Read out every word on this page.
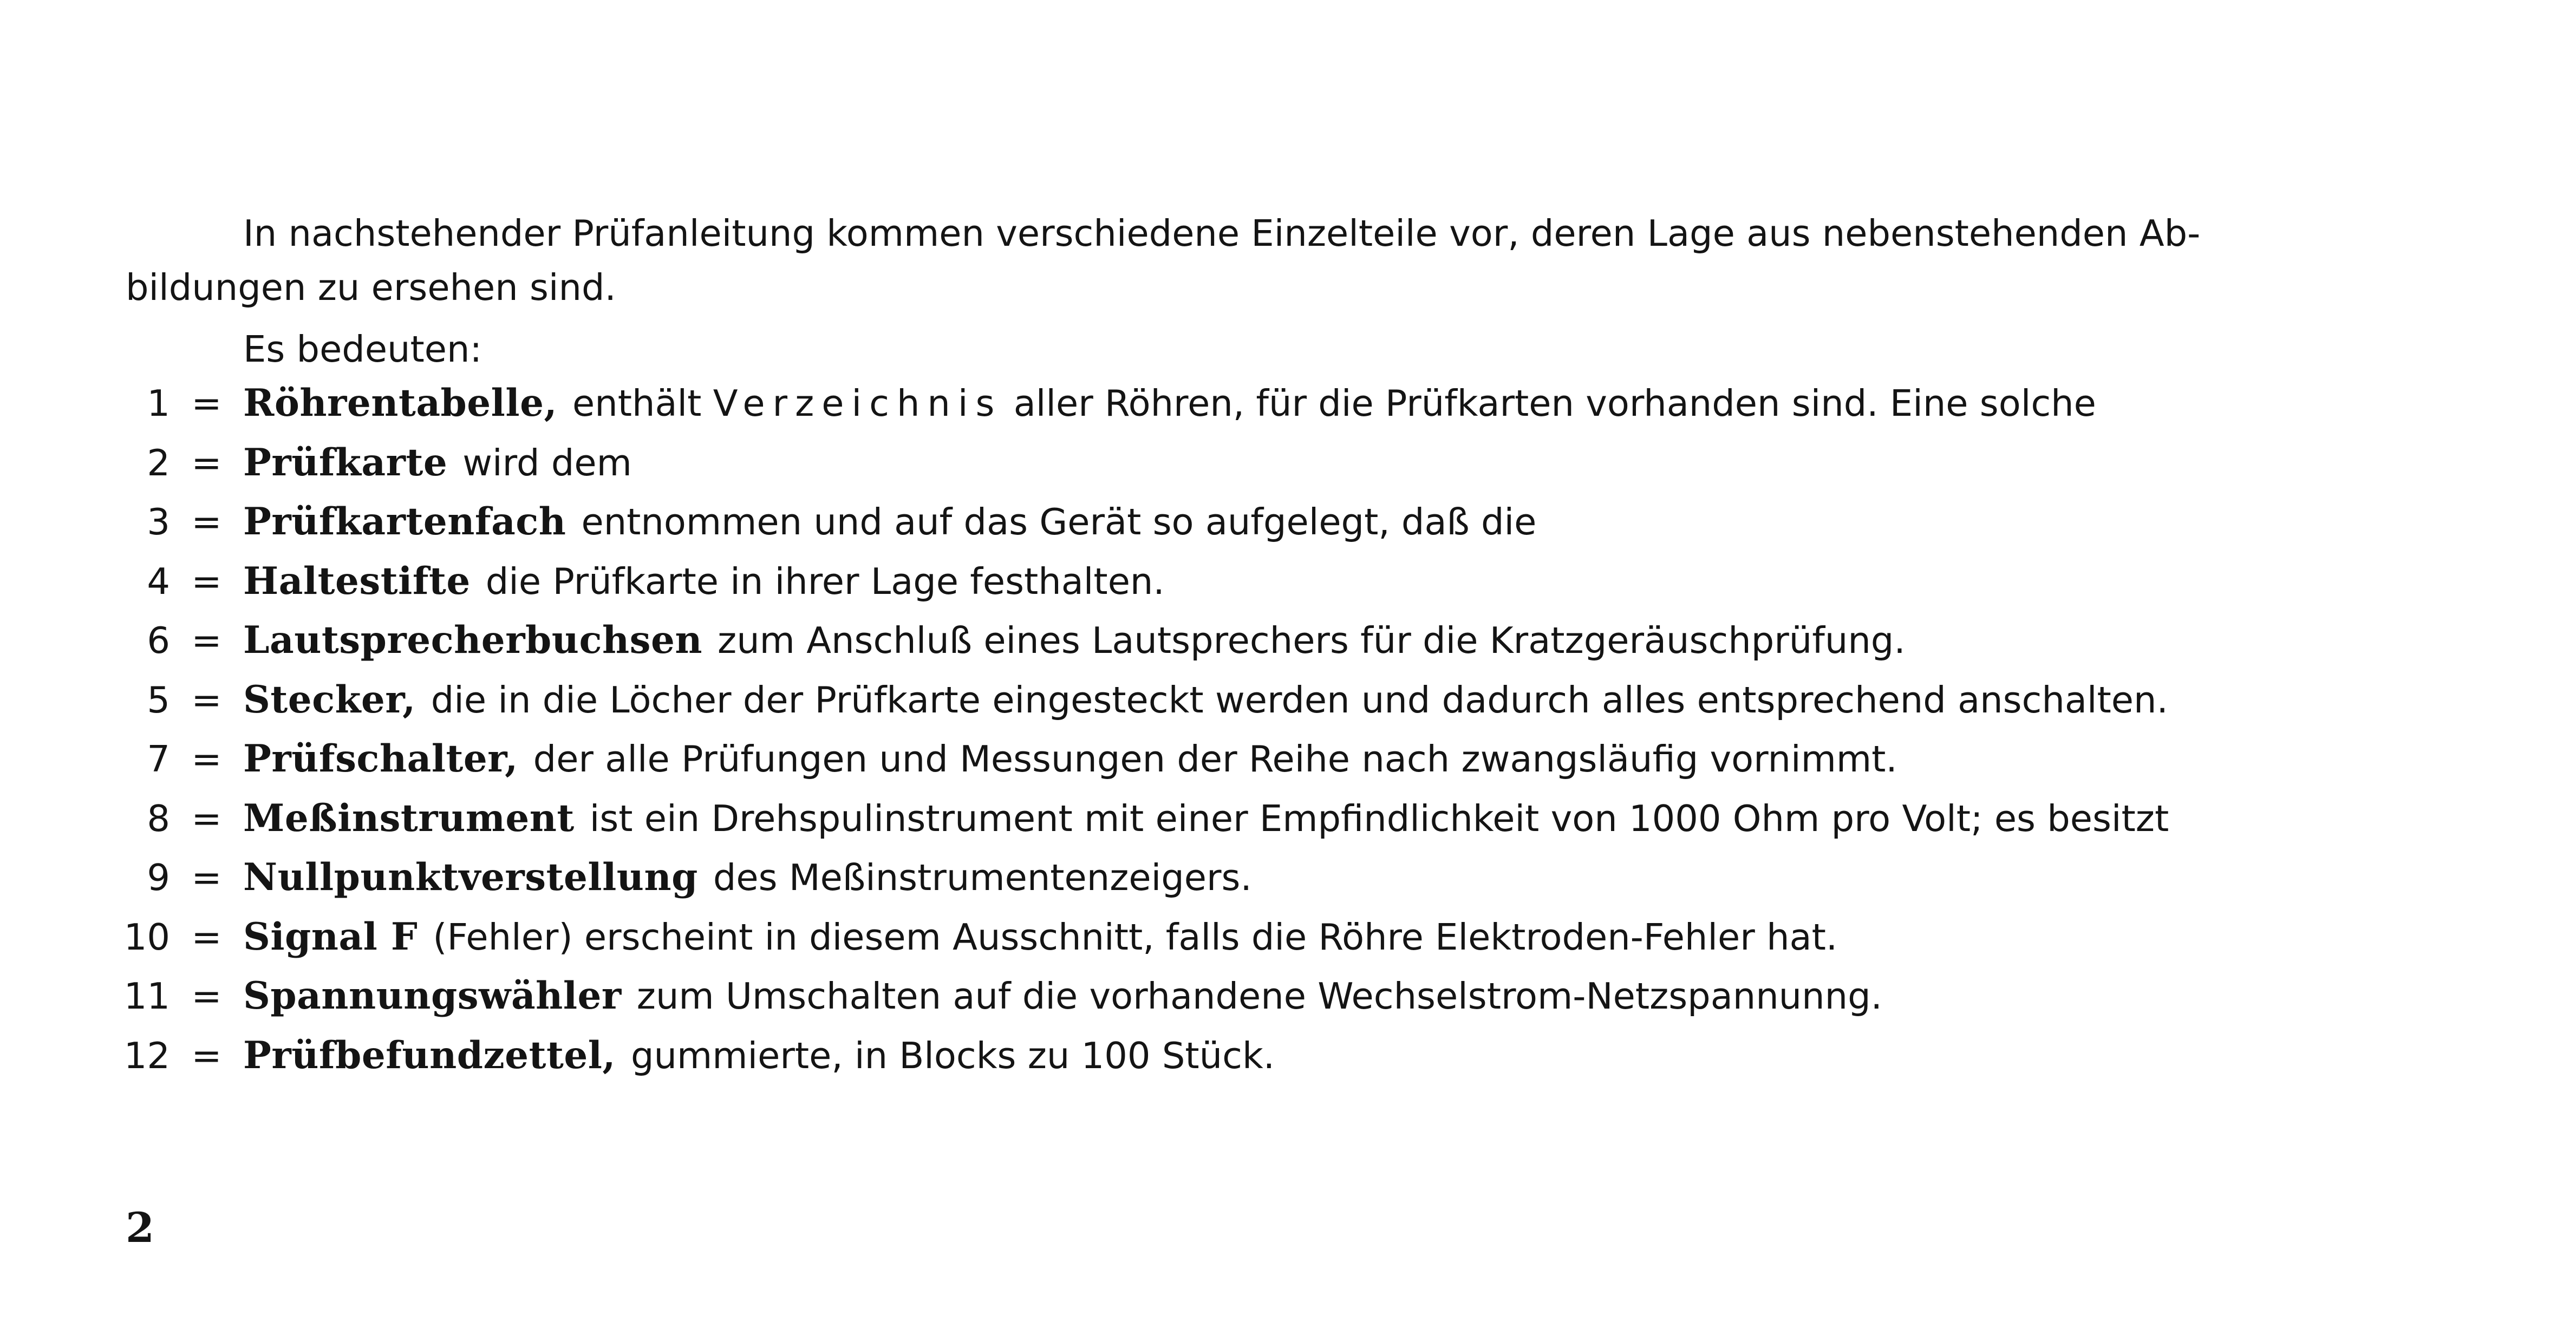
In nachstehender Prüfanleitung kommen verschiedene Einzelteile vor, deren Lage aus nebenstehenden Ab-
bildungen zu ersehen sind.
Es bedeuten:
1 = Röhrentabelle, enthält Verzeichnis aller Röhren, für die Prüfkarten vorhanden sind. Eine solche
2 = Prüfkarte wird dem
3 = Prüfkartenfach entnommen und auf das Gerät so aufgelegt, daß die
4 = Haltestifte die Prüfkarte in ihrer Lage festhalten.
6 = Lautsprecherbuchsen zum Anschluß eines Lautsprechers für die Kratzgeräuschprüfung.
5 = Stecker, die in die Löcher der Prüfkarte eingesteckt werden und dadurch alles entsprechend anschalten.
7 = Prüfschalter, der alle Prüfungen und Messungen der Reihe nach zwangsläufig vornimmt.
8 = Meßinstrument ist ein Drehspulinstrument mit einer Empfindlichkeit von 1000 Ohm pro Volt; es besitzt
9 = Nullpunktverstellung des Meßinstrumentenzeigers.
10 = Signal F (Fehler) erscheint in diesem Ausschnitt, falls die Röhre Elektroden-Fehler hat.
11 = Spannungswähler zum Umschalten auf die vorhandene Wechselstrom-Netzspannunng.
12 = Prüfbefundzettel, gummierte, in Blocks zu 100 Stück.
2
